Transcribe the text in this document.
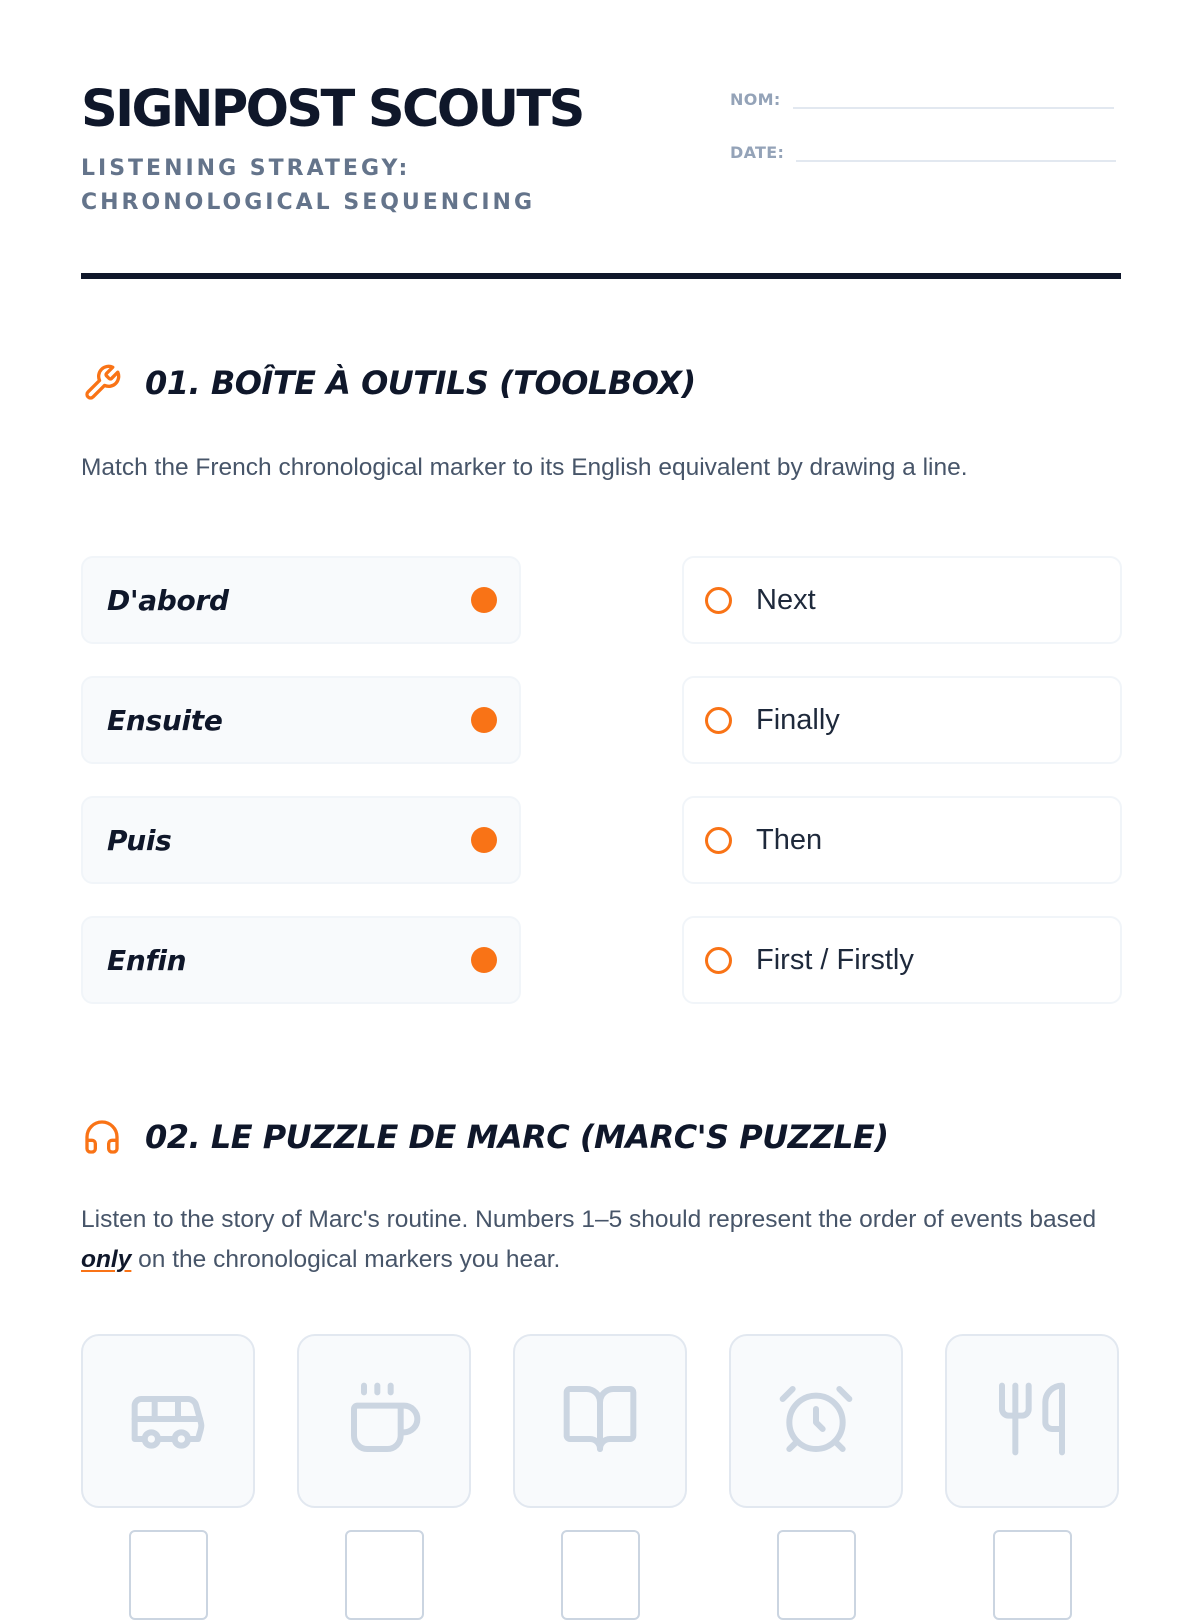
SIGNPOST SCOUTS
LISTENING STRATEGY: CHRONOLOGICAL SEQUENCING
NOM:
DATE:
01. BOÎTE À OUTILS (TOOLBOX)
Match the French chronological marker to its English equivalent by drawing a line.
D'abord
Ensuite
Puis
Enfin
Next
Finally
Then
First / Firstly
02. LE PUZZLE DE MARC (MARC'S PUZZLE)
Listen to the story of Marc's routine. Numbers 1–5 should represent the order of events based only on the chronological markers you hear.
